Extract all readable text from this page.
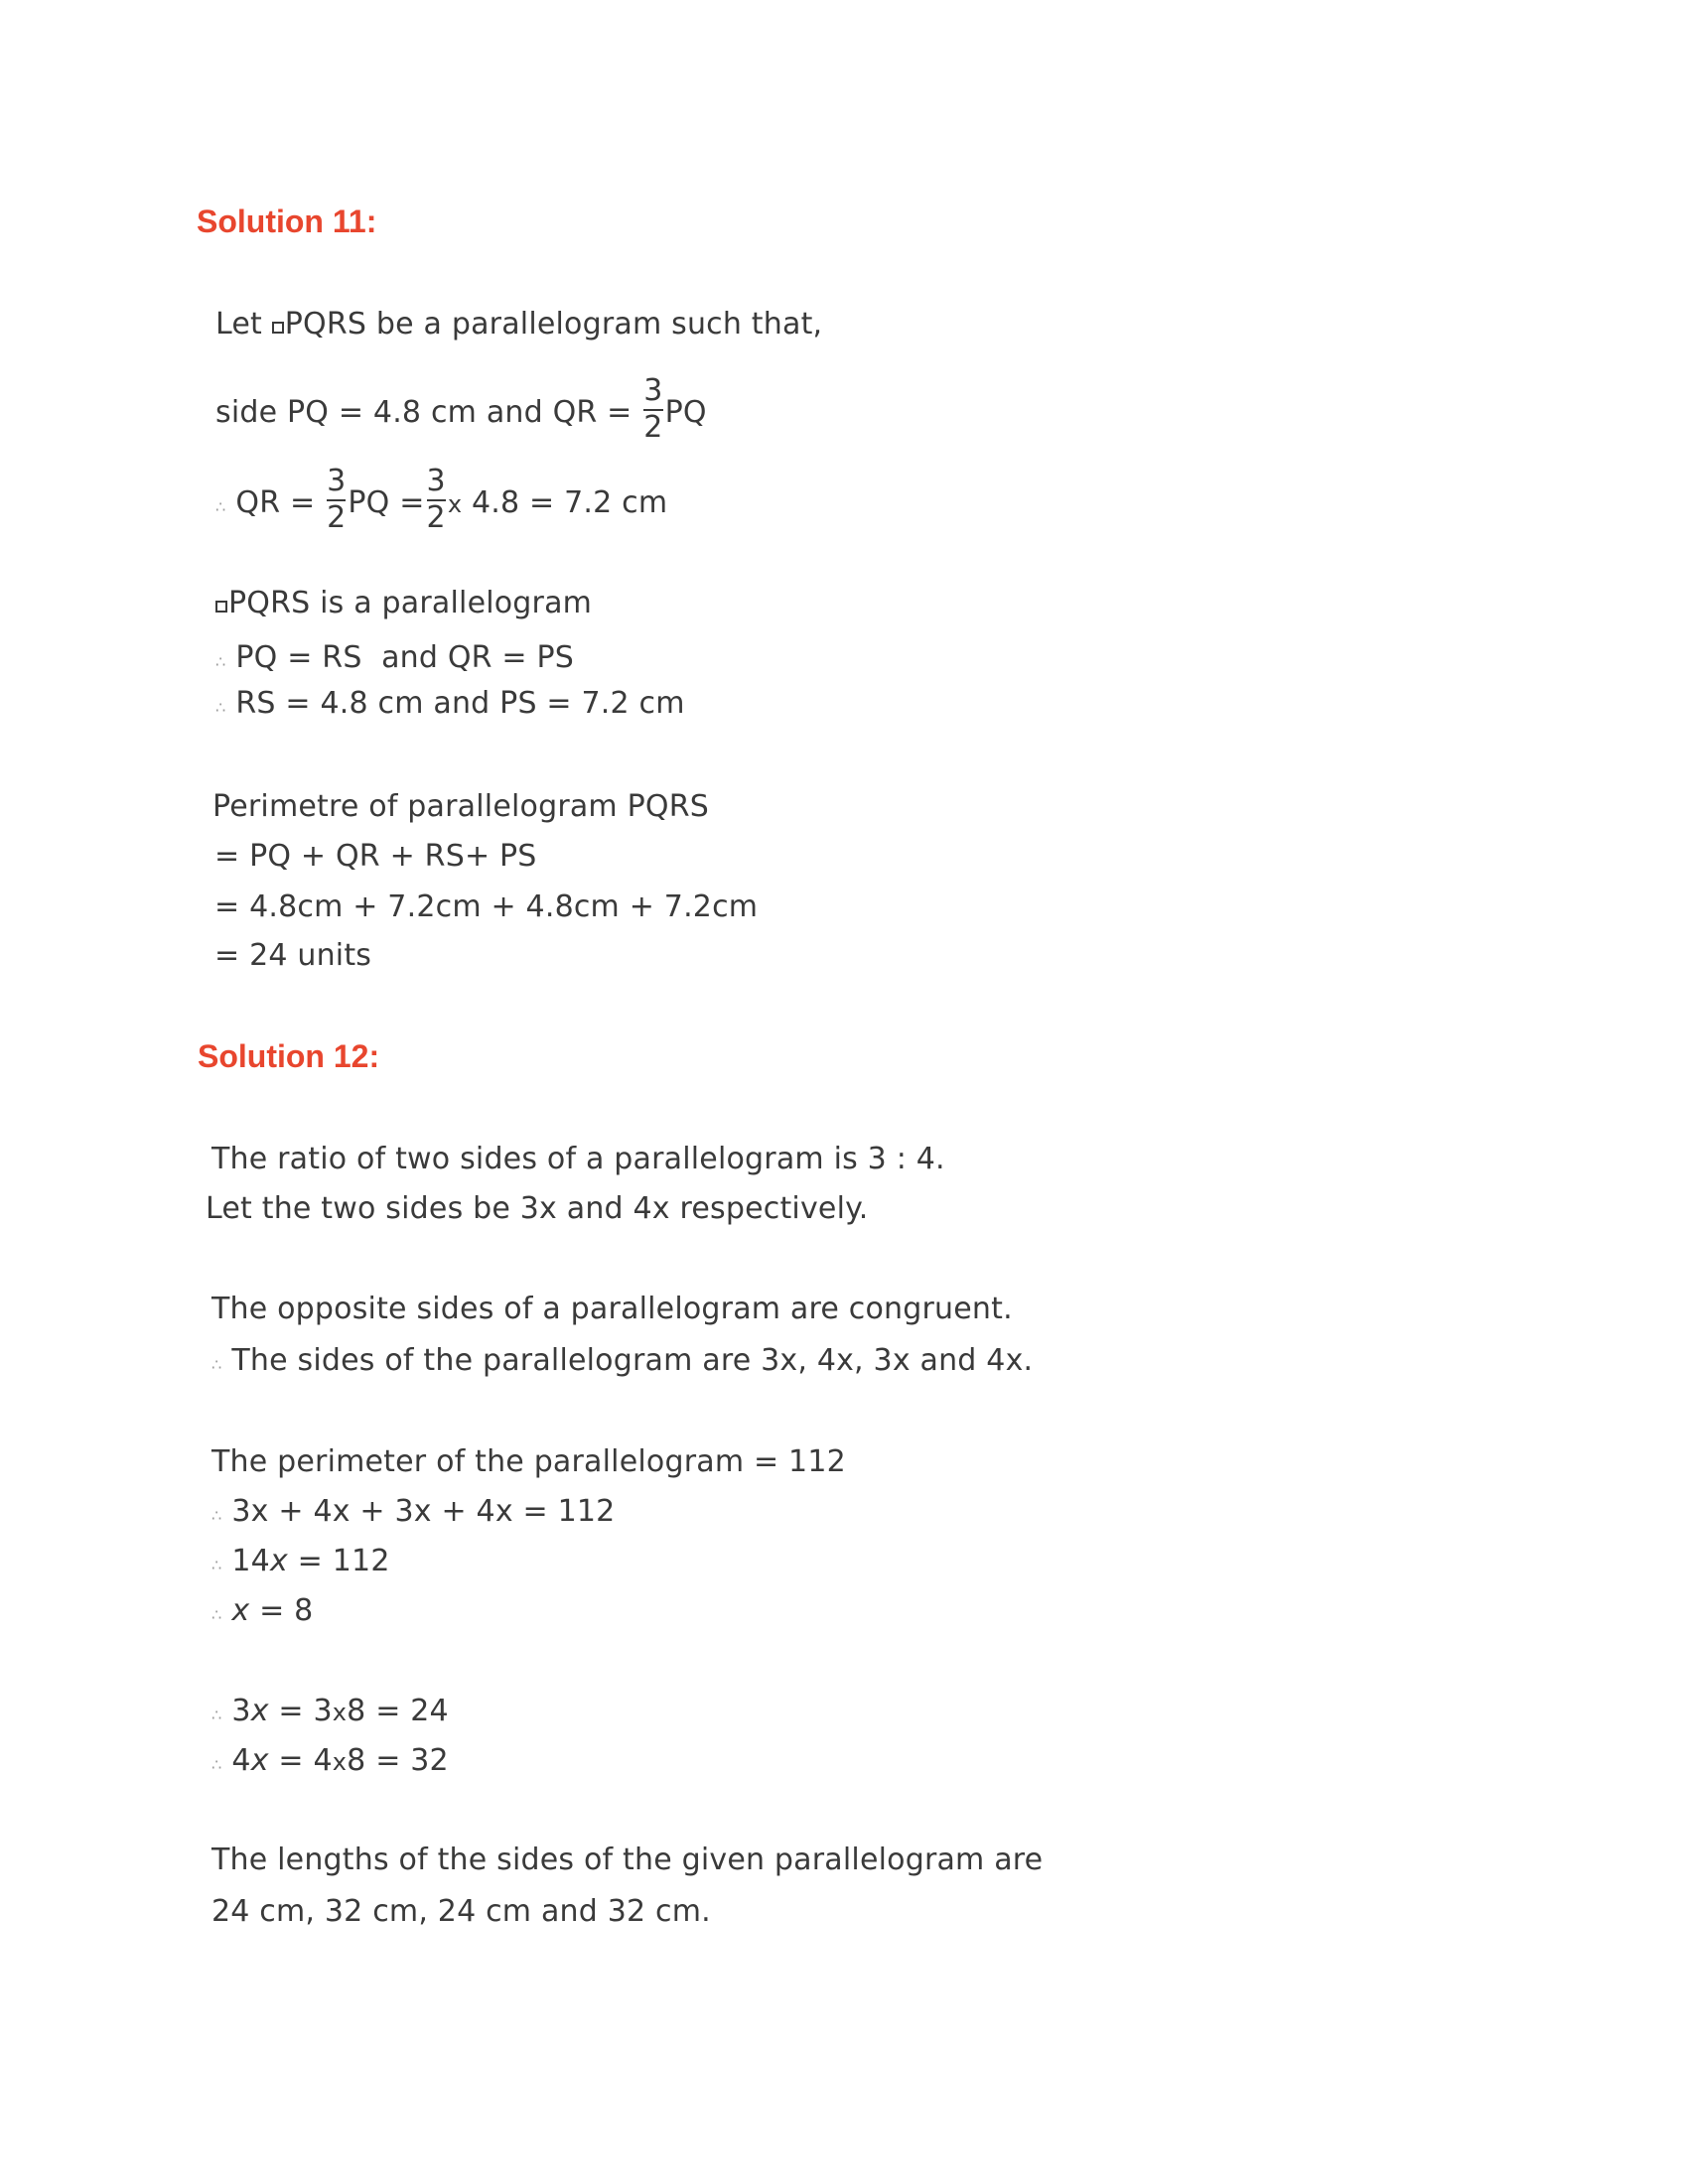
Solution 11:
Let PQRS be a parallelogram such that,
side PQ = 4.8 cm and QR = $\frac{3}{2}$ PQ
∴ QR = $\frac{3}{2}$ PQ = $\frac{3}{2}$ x 4.8 = 7.2 cm
PQRS is a parallelogram
∴ PQ = RS  and QR = PS
∴ RS = 4.8 cm and PS = 7.2 cm
Perimetre of parallelogram PQRS
= PQ + QR + RS+ PS
= 4.8cm + 7.2cm + 4.8cm + 7.2cm
= 24 units
Solution 12:
The ratio of two sides of a parallelogram is 3 : 4.
Let the two sides be 3x and 4x respectively.
The opposite sides of a parallelogram are congruent.
∴ The sides of the parallelogram are 3x, 4x, 3x and 4x.
The perimeter of the parallelogram = 112
∴ 3x + 4x + 3x + 4x = 112
∴ 14x = 112
∴ x = 8
∴ 3x = 3x8 = 24
∴ 4x = 4x8 = 32
The lengths of the sides of the given parallelogram are
24 cm, 32 cm, 24 cm and 32 cm.
